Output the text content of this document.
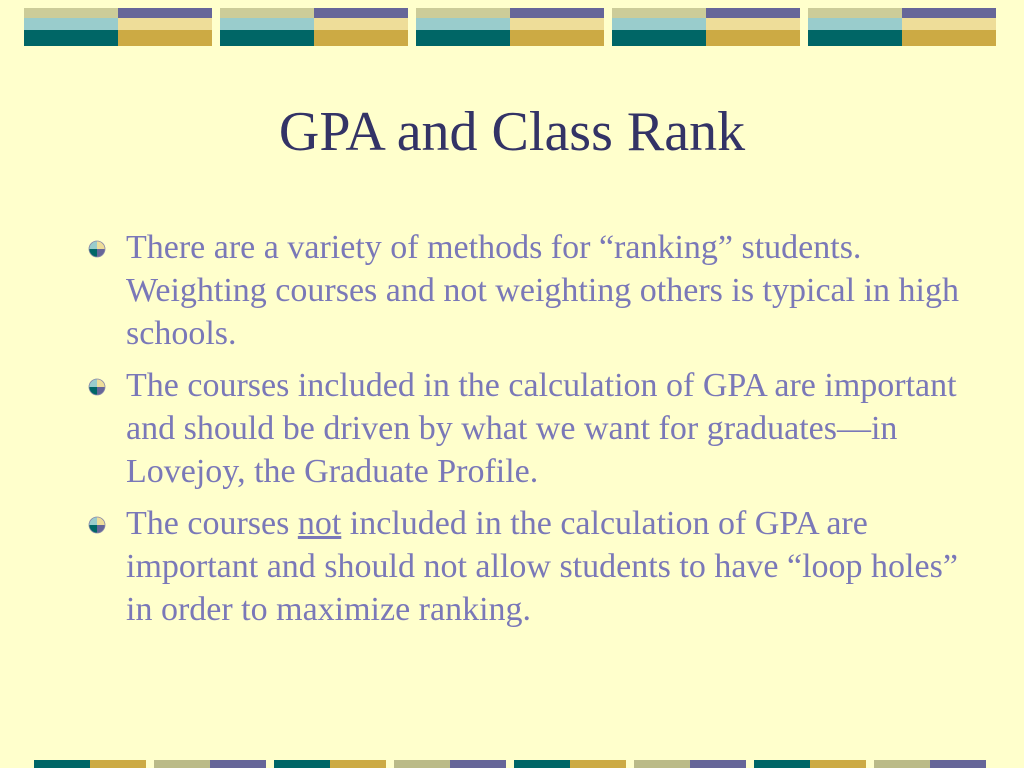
GPA and Class Rank
There are a variety of methods for “ranking” students. Weighting courses and not weighting others is typical in high schools.
The courses included in the calculation of GPA are important and should be driven by what we want for graduates—in Lovejoy, the Graduate Profile.
The courses not included in the calculation of GPA are important and should not allow students to have “loop holes” in order to maximize ranking.
